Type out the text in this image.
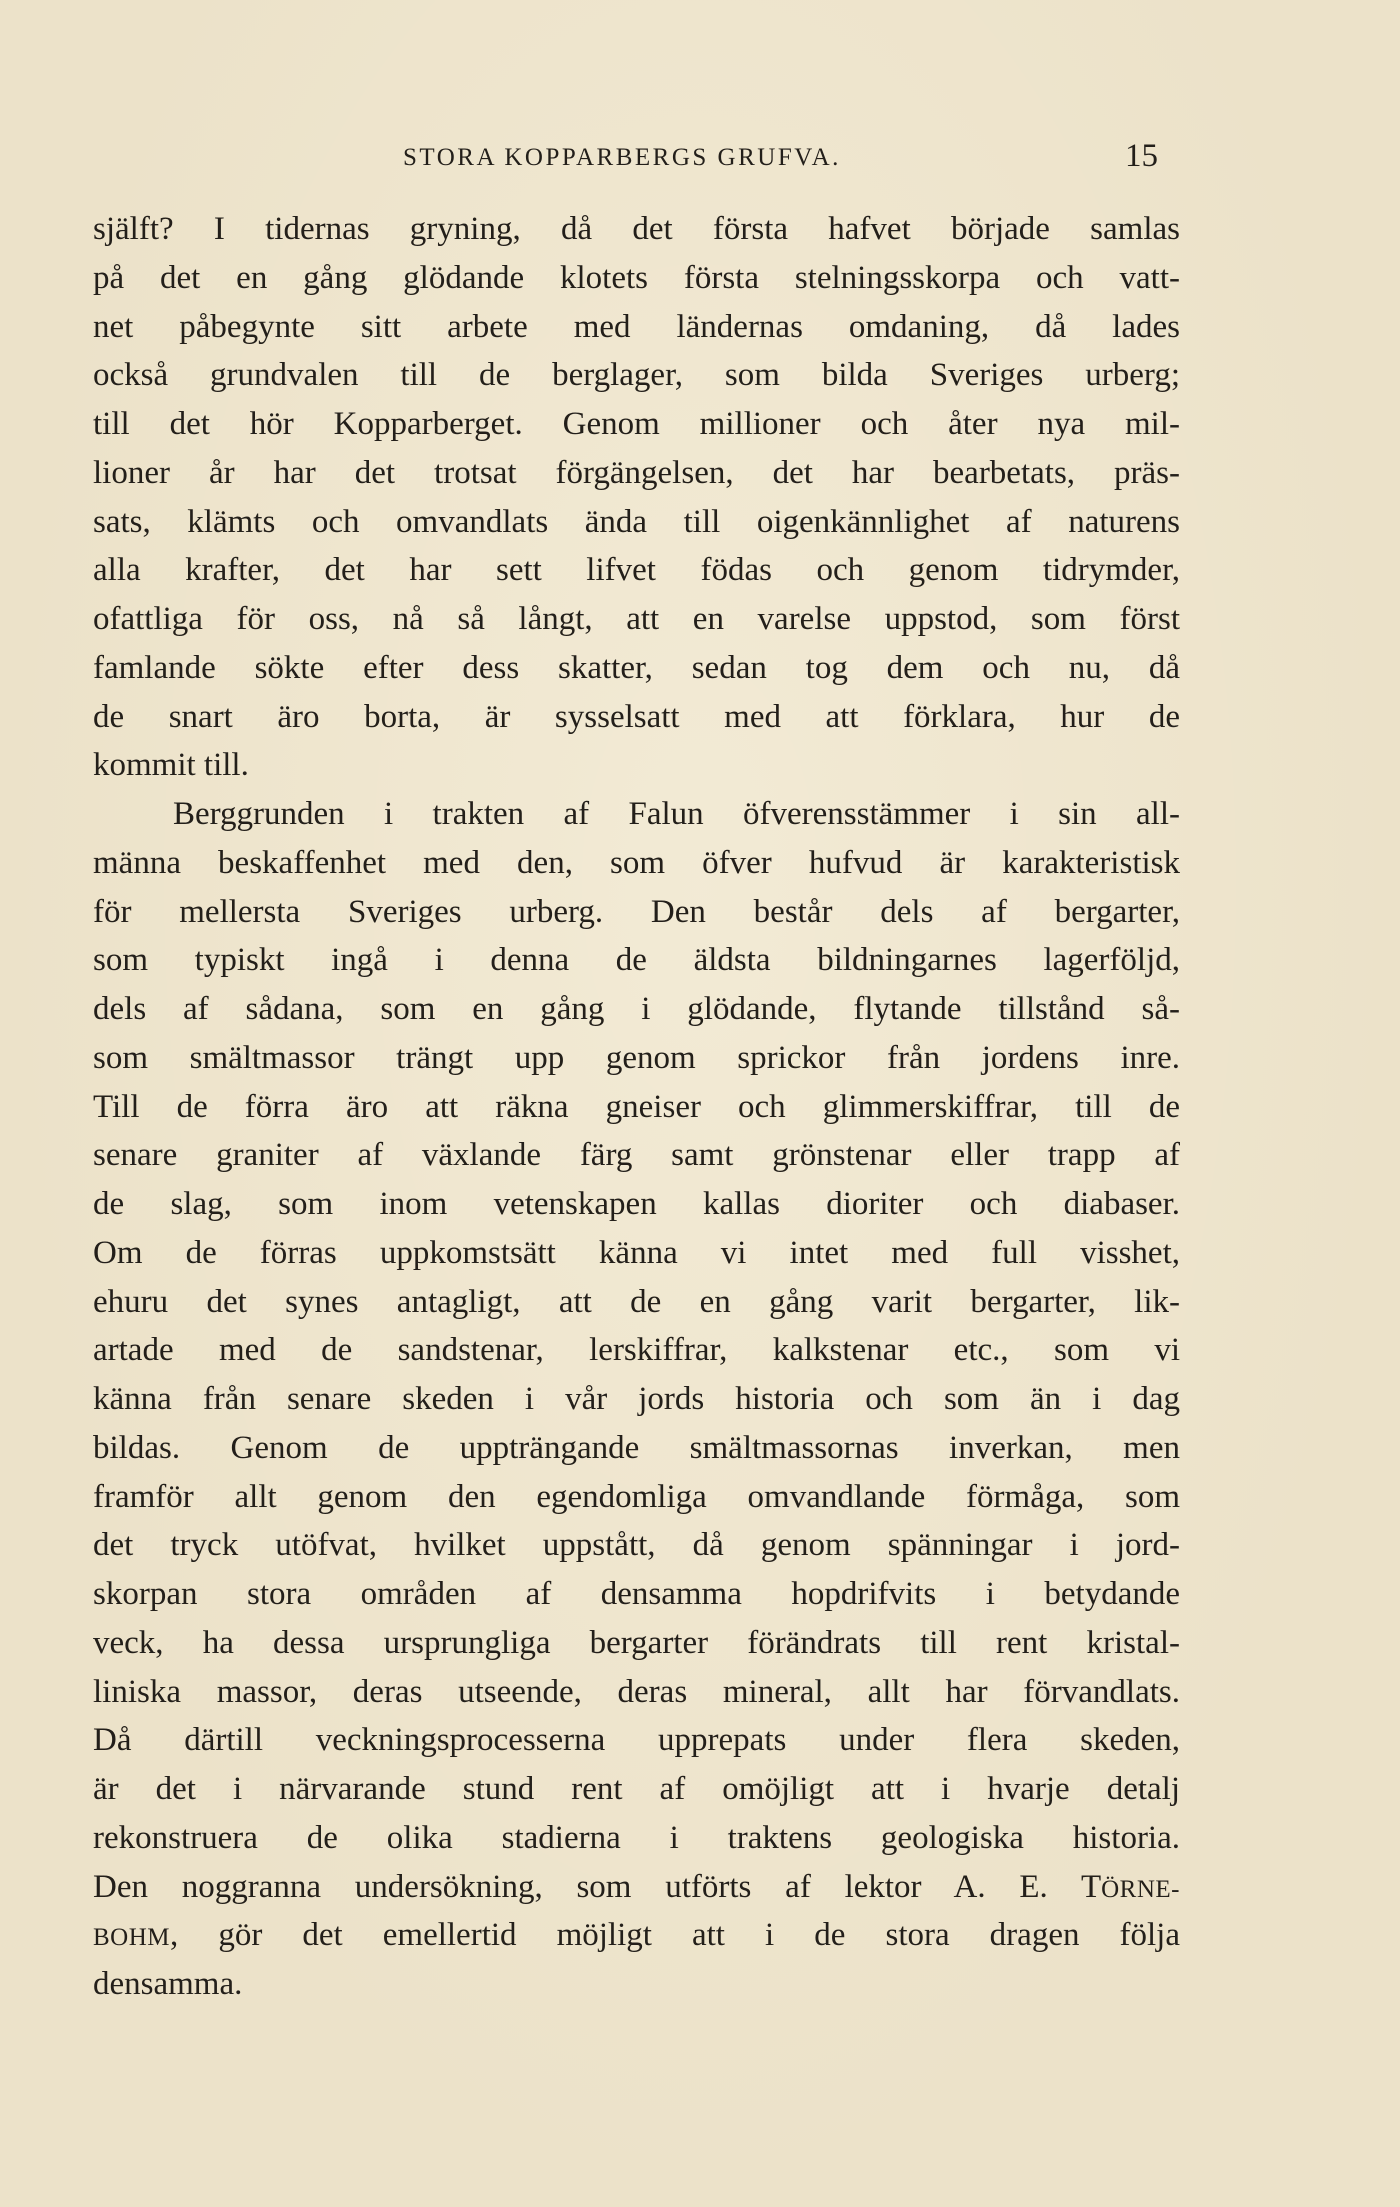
STORA KOPPARBERGS GRUFVA.	15
själft? I tidernas gryning, då det första hafvet började samlas
på det en gång glödande klotets första stelningsskorpa och vatt-
net påbegynte sitt arbete med ländernas omdaning, då lades
också grundvalen till de berglager, som bilda Sveriges urberg;
till det hör Kopparberget. Genom millioner och åter nya mil-
lioner år har det trotsat förgängelsen, det har bearbetats, präs-
sats, klämts och omvandlats ända till oigenkännlighet af naturens
alla krafter, det har sett lifvet födas och genom tidrymder,
ofattliga för oss, nå så långt, att en varelse uppstod, som först
famlande sökte efter dess skatter, sedan tog dem och nu, då
de snart äro borta, är sysselsatt med att förklara, hur de
kommit till.
Berggrunden i trakten af Falun öfverensstämmer i sin all-
männa beskaffenhet med den, som öfver hufvud är karakteristisk
för mellersta Sveriges urberg. Den består dels af bergarter,
som typiskt ingå i denna de äldsta bildningarnes lagerföljd,
dels af sådana, som en gång i glödande, flytande tillstånd så-
som smältmassor trängt upp genom sprickor från jordens inre.
Till de förra äro att räkna gneiser och glimmerskiffrar, till de
senare graniter af växlande färg samt grönstenar eller trapp af
de slag, som inom vetenskapen kallas dioriter och diabaser.
Om de förras uppkomstsätt känna vi intet med full visshet,
ehuru det synes antagligt, att de en gång varit bergarter, lik-
artade med de sandstenar, lerskiffrar, kalkstenar etc., som vi
känna från senare skeden i vår jords historia och som än i dag
bildas. Genom de uppträngande smältmassornas inverkan, men
framför allt genom den egendomliga omvandlande förmåga, som
det tryck utöfvat, hvilket uppstått, då genom spänningar i jord-
skorpan stora områden af densamma hopdrifvits i betydande
veck, ha dessa ursprungliga bergarter förändrats till rent kristal-
liniska massor, deras utseende, deras mineral, allt har förvandlats.
Då därtill veckningsprocesserna upprepats under flera skeden,
är det i närvarande stund rent af omöjligt att i hvarje detalj
rekonstruera de olika stadierna i traktens geologiska historia.
Den noggranna undersökning, som utförts af lektor A. E. TÖRNE-
BOHM, gör det emellertid möjligt att i de stora dragen följa
densamma.
